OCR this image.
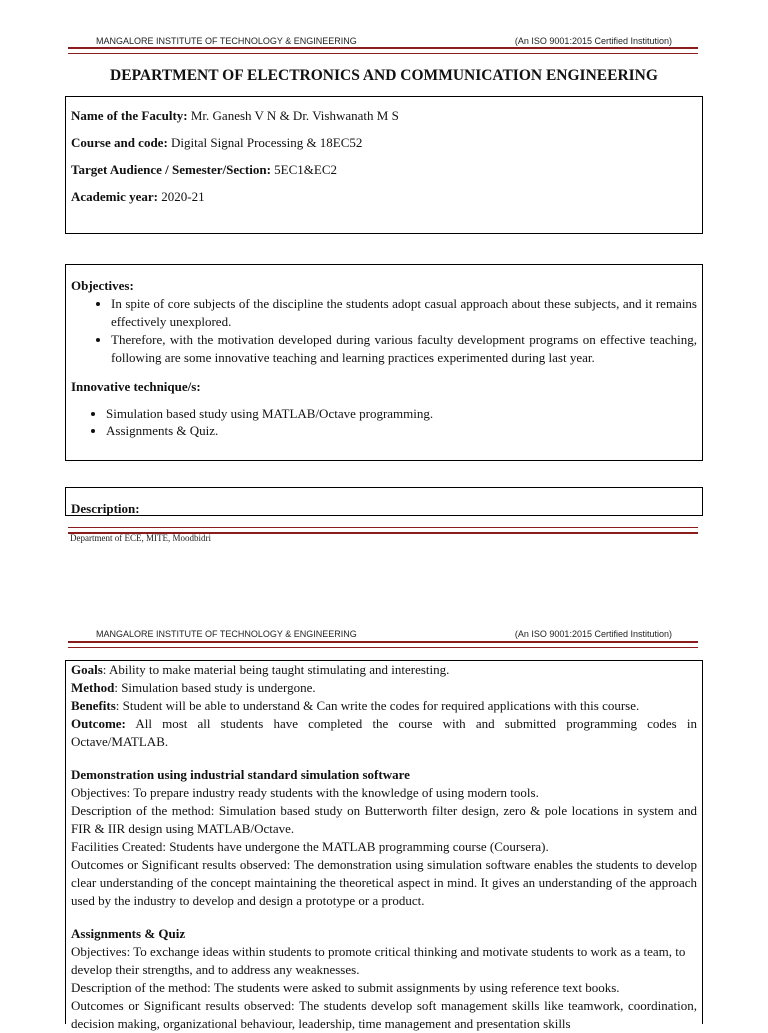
MANGALORE INSTITUTE OF TECHNOLOGY & ENGINEERING	(An ISO 9001:2015 Certified Institution)
DEPARTMENT OF ELECTRONICS AND COMMUNICATION ENGINEERING
Name of the Faculty: Mr. Ganesh V N & Dr. Vishwanath M S
Course and code: Digital Signal Processing & 18EC52
Target Audience / Semester/Section: 5EC1&EC2
Academic year: 2020-21
Objectives:
• In spite of core subjects of the discipline the students adopt casual approach about these subjects, and it remains effectively unexplored.
• Therefore, with the motivation developed during various faculty development programs on effective teaching, following are some innovative teaching and learning practices experimented during last year.
Innovative technique/s:
• Simulation based study using MATLAB/Octave programming.
• Assignments & Quiz.
Description:
Department of ECE, MITE, Moodbidri
MANGALORE INSTITUTE OF TECHNOLOGY & ENGINEERING	(An ISO 9001:2015 Certified Institution)
Goals: Ability to make material being taught stimulating and interesting.
Method: Simulation based study is undergone.
Benefits: Student will be able to understand & Can write the codes for required applications with this course.
Outcome: All most all students have completed the course with and submitted programming codes in Octave/MATLAB.
Demonstration using industrial standard simulation software
Objectives: To prepare industry ready students with the knowledge of using modern tools.
Description of the method: Simulation based study on Butterworth filter design, zero & pole locations in system and FIR & IIR design using MATLAB/Octave.
Facilities Created: Students have undergone the MATLAB programming course (Coursera).
Outcomes or Significant results observed: The demonstration using simulation software enables the students to develop clear understanding of the concept maintaining the theoretical aspect in mind. It gives an understanding of the approach used by the industry to develop and design a prototype or a product.
Assignments & Quiz
Objectives: To exchange ideas within students to promote critical thinking and motivate students to work as a team, to develop their strengths, and to address any weaknesses.
Description of the method: The students were asked to submit assignments by using reference text books.
Outcomes or Significant results observed: The students develop soft management skills like teamwork, coordination, decision making, organizational behaviour, leadership, time management and presentation skills
